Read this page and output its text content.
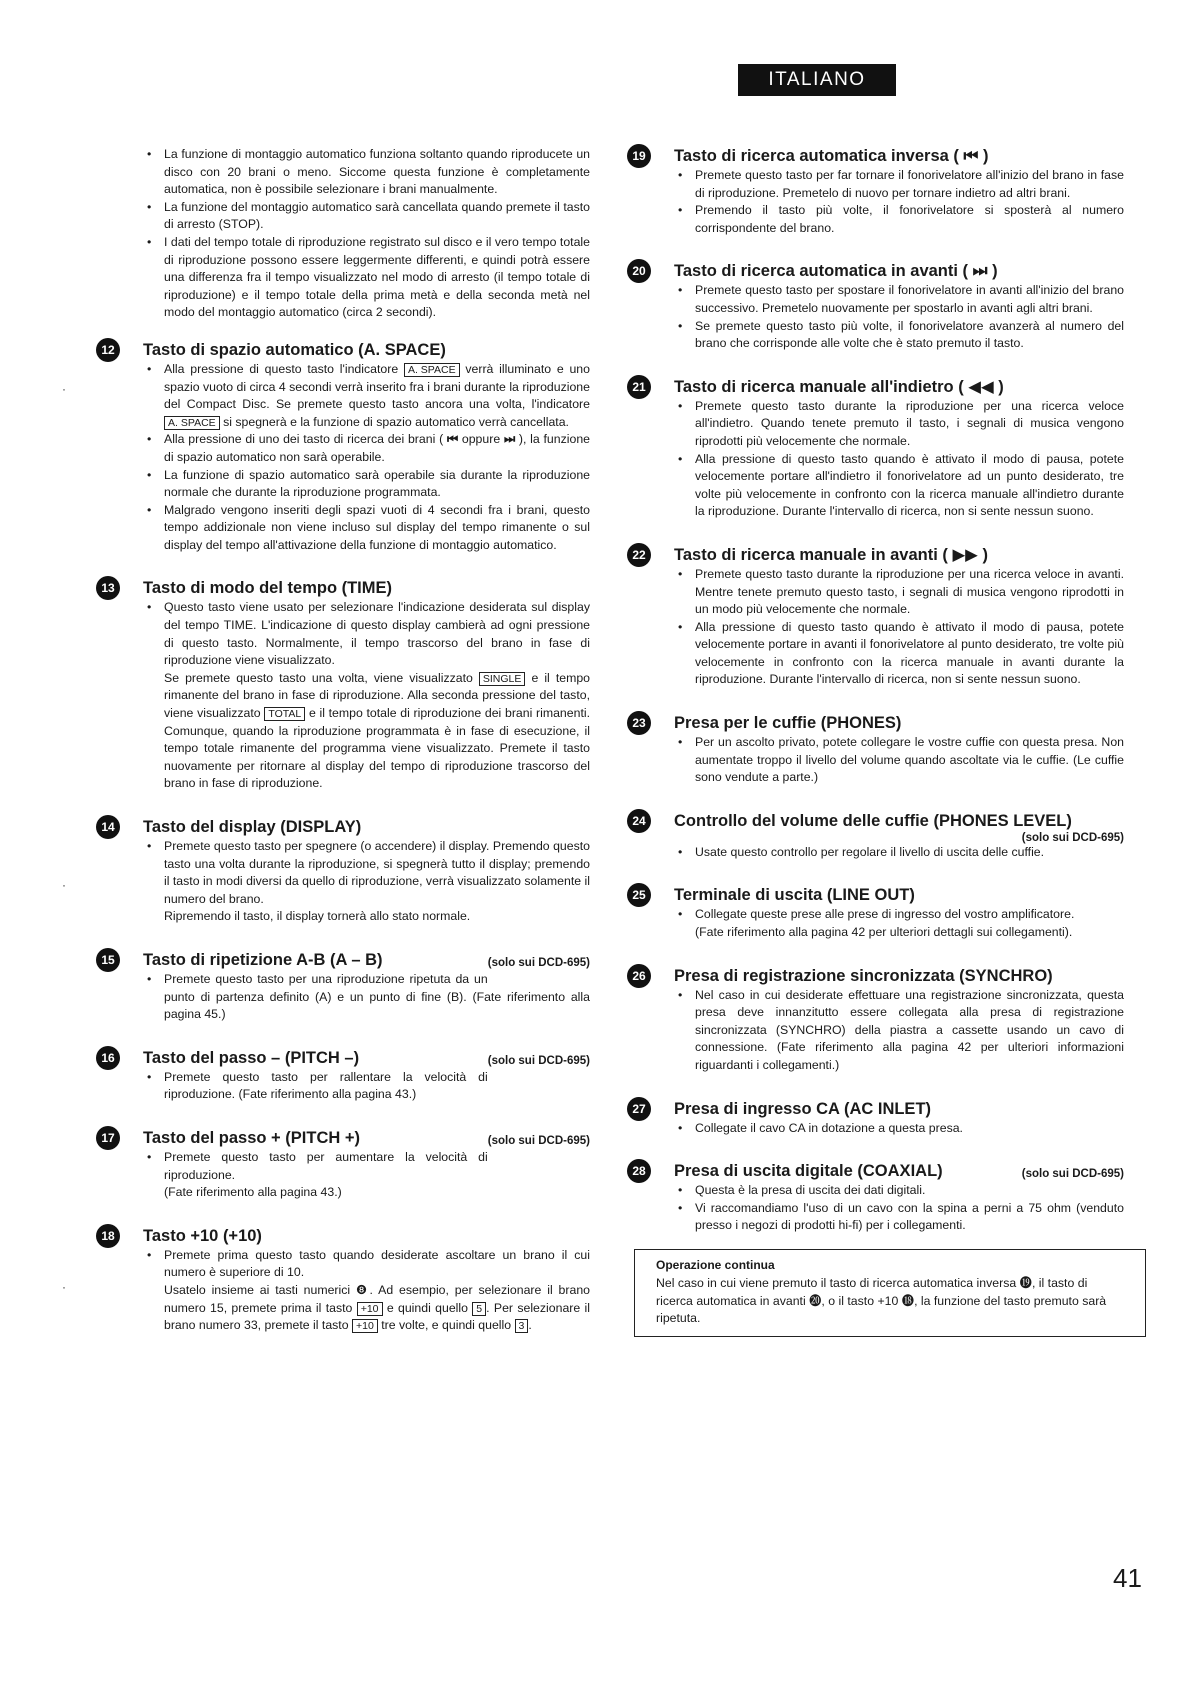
ITALIANO
·
·
·
• La funzione di montaggio automatico funziona soltanto quando riproducete un disco con 20 brani o meno. Siccome questa funzione è completamente automatica, non è possibile selezionare i brani manualmente.
• La funzione del montaggio automatico sarà cancellata quando premete il tasto di arresto (STOP).
• I dati del tempo totale di riproduzione registrato sul disco e il vero tempo totale di riproduzione possono essere leggermente differenti, e quindi potrà essere una differenza fra il tempo visualizzato nel modo di arresto (il tempo totale di riproduzione) e il tempo totale della prima metà e della seconda metà nel modo del montaggio automatico (circa 2 secondi).
12	Tasto di spazio automatico (A. SPACE)

• Alla pressione di questo tasto l'indicatore A. SPACE verrà illuminato e uno spazio vuoto di circa 4 secondi verrà inserito fra i brani durante la riproduzione del Compact Disc. Se premete questo tasto ancora una volta, l'indicatore A. SPACE si spegnerà e la funzione di spazio automatico verrà cancellata.
• Alla pressione di uno dei tasto di ricerca dei brani ( ⏮ oppure ⏭ ), la funzione di spazio automatico non sarà operabile.
• La funzione di spazio automatico sarà operabile sia durante la riproduzione normale che durante la riproduzione programmata.
• Malgrado vengono inseriti degli spazi vuoti di 4 secondi fra i brani, questo tempo addizionale non viene incluso sul display del tempo rimanente o sul display del tempo all'attivazione della funzione di montaggio automatico.
13	Tasto di modo del tempo (TIME)

• Questo tasto viene usato per selezionare l'indicazione desiderata sul display del tempo TIME. L'indicazione di questo display cambierà ad ogni pressione di questo tasto. Normalmente, il tempo trascorso del brano in fase di riproduzione viene visualizzato.

Se premete questo tasto una volta, viene visualizzato SINGLE e il tempo rimanente del brano in fase di riproduzione. Alla seconda pressione del tasto, viene visualizzato TOTAL e il tempo totale di riproduzione dei brani rimanenti. Comunque, quando la riproduzione programmata è in fase di esecuzione, il tempo totale rimanente del programma viene visualizzato. Premete il tasto nuovamente per ritornare al display del tempo di riproduzione trascorso del brano in fase di riproduzione.

14	Tasto del display (DISPLAY)

• Premete questo tasto per spegnere (o accendere) il display. Premendo questo tasto una volta durante la riproduzione, si spegnerà tutto il display; premendo il tasto in modi diversi da quello di riproduzione, verrà visualizzato solamente il numero del brano.

Ripremendo il tasto, il display tornerà allo stato normale.

15	Tasto di ripetizione A-B (A – B)	(solo sui DCD-695)

• Premete questo tasto per una riproduzione ripetuta da un punto di partenza definito (A) e un punto di fine (B). (Fate riferimento alla pagina 45.)
16	Tasto del passo – (PITCH –)	(solo sui DCD-695)

• Premete questo tasto per rallentare la velocità di riproduzione. (Fate riferimento alla pagina 43.)
17	Tasto del passo + (PITCH +)	(solo sui DCD-695)

• Premete questo tasto per aumentare la velocità di riproduzione.

(Fate riferimento alla pagina 43.)

18	Tasto +10 (+10)

• Premete prima questo tasto quando desiderate ascoltare un brano il cui numero è superiore di 10.

Usatelo insieme ai tasti numerici ❽. Ad esempio, per selezionare il brano numero 15, premete prima il tasto +10 e quindi quello 5 . Per selezionare il brano numero 33, premete il tasto +10 tre volte, e quindi quello 3 .

19	Tasto di ricerca automatica inversa ( ⏮ )

• Premete questo tasto per far tornare il fonorivelatore all'inizio del brano in fase di riproduzione. Premetelo di nuovo per tornare indietro ad altri brani.
• Premendo il tasto più volte, il fonorivelatore si sposterà al numero corrispondente del brano.
20	Tasto di ricerca automatica in avanti ( ⏭ )

• Premete questo tasto per spostare il fonorivelatore in avanti all'inizio del brano successivo. Premetelo nuovamente per spostarlo in avanti agli altri brani.
• Se premete questo tasto più volte, il fonorivelatore avanzerà al numero del brano che corrisponde alle volte che è stato premuto il tasto.
21	Tasto di ricerca manuale all'indietro ( ◀◀ )

• Premete questo tasto durante la riproduzione per una ricerca veloce all'indietro. Quando tenete premuto il tasto, i segnali di musica vengono riprodotti più velocemente che normale.
• Alla pressione di questo tasto quando è attivato il modo di pausa, potete velocemente portare all'indietro il fonorivelatore ad un punto desiderato, tre volte più velocemente in confronto con la ricerca manuale all'indietro durante la riproduzione. Durante l'intervallo di ricerca, non si sente nessun suono.
22	Tasto di ricerca manuale in avanti ( ▶▶ )

• Premete questo tasto durante la riproduzione per una ricerca veloce in avanti. Mentre tenete premuto questo tasto, i segnali di musica vengono riprodotti in un modo più velocemente che normale.
• Alla pressione di questo tasto quando è attivato il modo di pausa, potete velocemente portare in avanti il fonorivelatore al punto desiderato, tre volte più velocemente in confronto con la ricerca manuale in avanti durante la riproduzione. Durante l'intervallo di ricerca, non si sente nessun suono.
23	Presa per le cuffie (PHONES)

• Per un ascolto privato, potete collegare le vostre cuffie con questa presa. Non aumentate troppo il livello del volume quando ascoltate via le cuffie. (Le cuffie sono vendute a parte.)
24	Controllo del volume delle cuffie (PHONES LEVEL)

(solo sui DCD-695)

• Usate questo controllo per regolare il livello di uscita delle cuffie.
25	Terminale di uscita (LINE OUT)

• Collegate queste prese alle prese di ingresso del vostro amplificatore.

(Fate riferimento alla pagina 42 per ulteriori dettagli sui collegamenti).

26	Presa di registrazione sincronizzata (SYNCHRO)

• Nel caso in cui desiderate effettuare una registrazione sincronizzata, questa presa deve innanzitutto essere collegata alla presa di registrazione sincronizzata (SYNCHRO) della piastra a cassette usando un cavo di connessione. (Fate riferimento alla pagina 42 per ulteriori informazioni riguardanti i collegamenti.)
27	Presa di ingresso CA (AC INLET)

• Collegate il cavo CA in dotazione a questa presa.
28	Presa di uscita digitale (COAXIAL)	(solo sui DCD-695)

• Questa è la presa di uscita dei dati digitali.
• Vi raccomandiamo l'uso di un cavo con la spina a perni a 75 ohm (venduto presso i negozi di prodotti hi-fi) per i collegamenti.

Operazione continua

Nel caso in cui viene premuto il tasto di ricerca automatica inversa ⓳, il tasto di ricerca automatica in avanti ⓴, o il tasto +10 ⓲, la funzione del tasto premuto sarà ripetuta.

41
